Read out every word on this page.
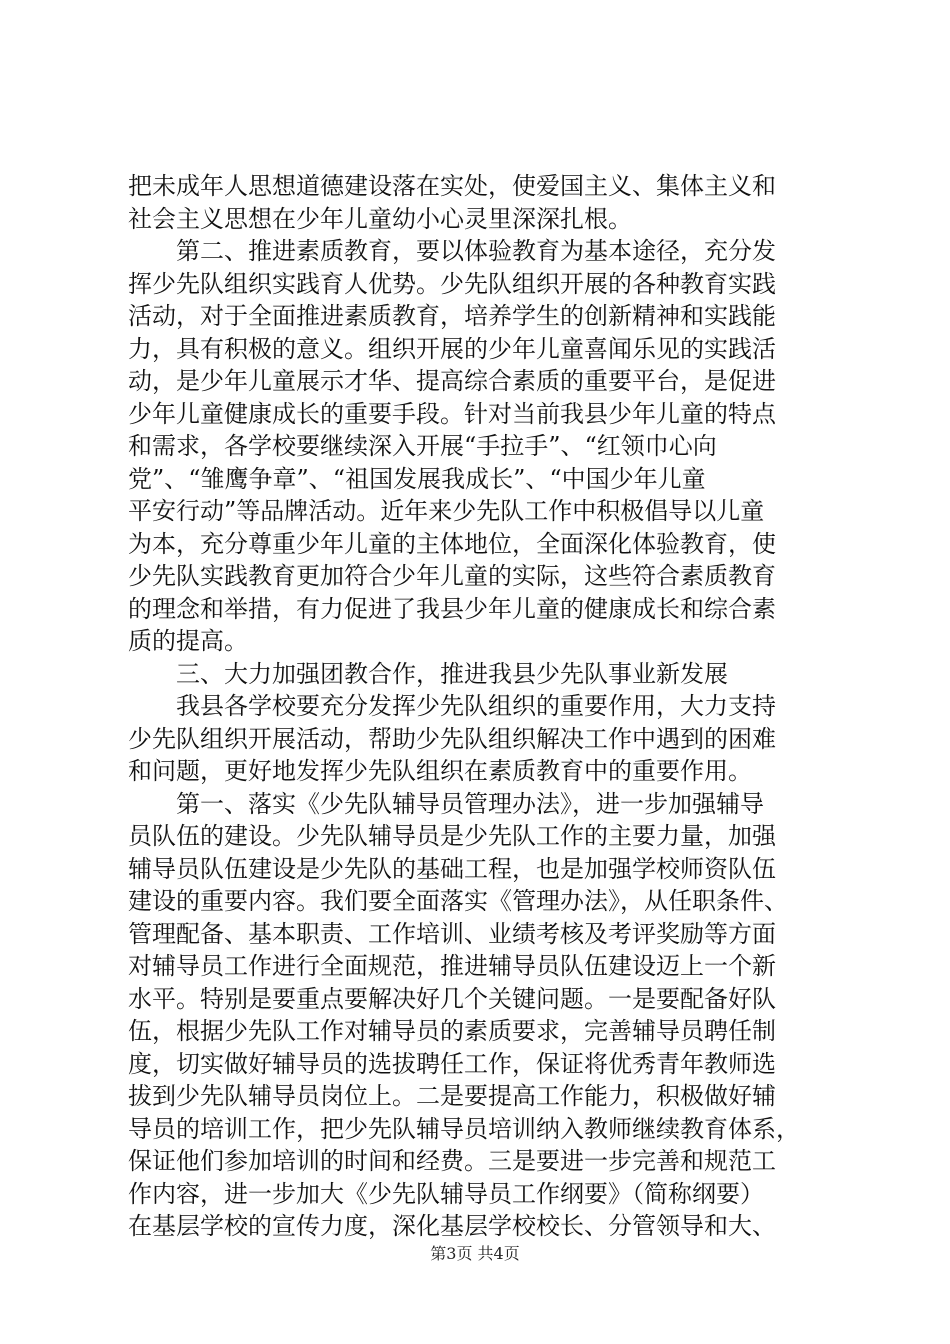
把未成年人思想道德建设落在实处，使爱国主义、集体主义和
社会主义思想在少年儿童幼小心灵里深深扎根。
　　第二、推进素质教育，要以体验教育为基本途径，充分发
挥少先队组织实践育人优势。少先队组织开展的各种教育实践
活动，对于全面推进素质教育，培养学生的创新精神和实践能
力，具有积极的意义。组织开展的少年儿童喜闻乐见的实践活
动，是少年儿童展示才华、提高综合素质的重要平台，是促进
少年儿童健康成长的重要手段。针对当前我县少年儿童的特点
和需求，各学校要继续深入开展“手拉手”、“红领巾心向
党”、“雏鹰争章”、“祖国发展我成长”、“中国少年儿童
平安行动”等品牌活动。近年来少先队工作中积极倡导以儿童
为本，充分尊重少年儿童的主体地位，全面深化体验教育，使
少先队实践教育更加符合少年儿童的实际，这些符合素质教育
的理念和举措，有力促进了我县少年儿童的健康成长和综合素
质的提高。
　　三、大力加强团教合作，推进我县少先队事业新发展
　　我县各学校要充分发挥少先队组织的重要作用，大力支持
少先队组织开展活动，帮助少先队组织解决工作中遇到的困难
和问题，更好地发挥少先队组织在素质教育中的重要作用。
　　第一、落实《少先队辅导员管理办法》，进一步加强辅导
员队伍的建设。少先队辅导员是少先队工作的主要力量，加强
辅导员队伍建设是少先队的基础工程，也是加强学校师资队伍
建设的重要内容。我们要全面落实《管理办法》，从任职条件、
管理配备、基本职责、工作培训、业绩考核及考评奖励等方面
对辅导员工作进行全面规范，推进辅导员队伍建设迈上一个新
水平。特别是要重点要解决好几个关键问题。一是要配备好队
伍，根据少先队工作对辅导员的素质要求，完善辅导员聘任制
度，切实做好辅导员的选拔聘任工作，保证将优秀青年教师选
拔到少先队辅导员岗位上。二是要提高工作能力，积极做好辅
导员的培训工作，把少先队辅导员培训纳入教师继续教育体系，
保证他们参加培训的时间和经费。三是要进一步完善和规范工
作内容，进一步加大《少先队辅导员工作纲要》（简称纲要）
在基层学校的宣传力度，深化基层学校校长、分管领导和大、
第3页 共4页
